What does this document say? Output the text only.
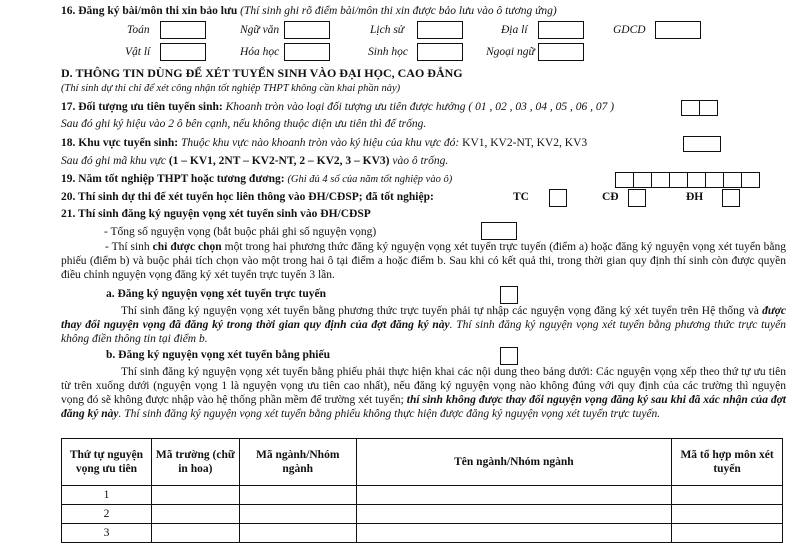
16. Đăng ký bài/môn thi xin bảo lưu (Thí sinh ghi rõ điểm bài/môn thi xin được bảo lưu vào ô tương ứng)
Toán	Ngữ văn	Lịch sử	Địa lí	GDCD
Vật lí	Hóa học	Sinh học	Ngoại ngữ
D. THÔNG TIN DÙNG ĐỂ XÉT TUYỂN SINH VÀO ĐẠI HỌC, CAO ĐẲNG
(Thí sinh dự thi chỉ để xét công nhận tốt nghiệp THPT không cần khai phần này)
17. Đối tượng ưu tiên tuyển sinh: Khoanh tròn vào loại đối tượng ưu tiên được hưởng ( 01 , 02 , 03 , 04 , 05 , 06 , 07 )
Sau đó ghi ký hiệu vào 2 ô bên cạnh, nếu không thuộc diện ưu tiên thì để trống.
18. Khu vực tuyển sinh: Thuộc khu vực nào khoanh tròn vào ký hiệu của khu vực đó: KV1, KV2-NT, KV2, KV3
Sau đó ghi mã khu vực (1 – KV1, 2NT – KV2-NT, 2 – KV2, 3 – KV3) vào ô trống.
19. Năm tốt nghiệp THPT hoặc tương đương: (Ghi đủ 4 số của năm tốt nghiệp vào ô)
20. Thí sinh dự thi để xét tuyển học liên thông vào ĐH/CĐSP; đã tốt nghiệp:	TC	CĐ	ĐH
21. Thí sinh đăng ký nguyện vọng xét tuyển sinh vào ĐH/CĐSP
- Tổng số nguyện vọng (bắt buộc phải ghi số nguyện vọng)
- Thí sinh chỉ được chọn một trong hai phương thức đăng ký nguyện vọng xét tuyển trực tuyến (điểm a) hoặc đăng ký nguyện vọng xét tuyển bằng phiếu (điểm b) và buộc phải tích chọn vào một trong hai ô tại điểm a hoặc điểm b. Sau khi có kết quả thi, trong thời gian quy định thí sinh còn được quyền điều chỉnh nguyện vọng đăng ký xét tuyển trực tuyến 3 lần.
a. Đăng ký nguyện vọng xét tuyển trực tuyến
Thí sinh đăng ký nguyện vọng xét tuyển bằng phương thức trực tuyến phải tự nhập các nguyện vọng đăng ký xét tuyển trên Hệ thống và được thay đổi nguyện vọng đã đăng ký trong thời gian quy định của đợt đăng ký này. Thí sinh đăng ký nguyện vọng xét tuyển bằng phương thức trực tuyến không điền thông tin tại điểm b.
b. Đăng ký nguyện vọng xét tuyển bằng phiếu
Thí sinh đăng ký nguyện vọng xét tuyển bằng phiếu phải thực hiện khai các nội dung theo bảng dưới: Các nguyện vọng xếp theo thứ tự ưu tiên từ trên xuống dưới (nguyện vọng 1 là nguyện vọng ưu tiên cao nhất), nếu đăng ký nguyện vọng nào không đúng với quy định của các trường thì nguyện vọng đó sẽ không được nhập vào hệ thống phần mềm để trường xét tuyển; thí sinh không được thay đổi nguyện vọng đăng ký sau khi đã xác nhận của đợt đăng ký này. Thí sinh đăng ký nguyện vọng xét tuyển bằng phiếu không thực hiện được đăng ký nguyện vọng xét tuyển trực tuyến.
Thứ tự nguyện vọng ưu tiên	Mã trường (chữ in hoa)	Mã ngành/Nhóm ngành	Tên ngành/Nhóm ngành	Mã tổ hợp môn xét tuyển
1				
2				
3				
